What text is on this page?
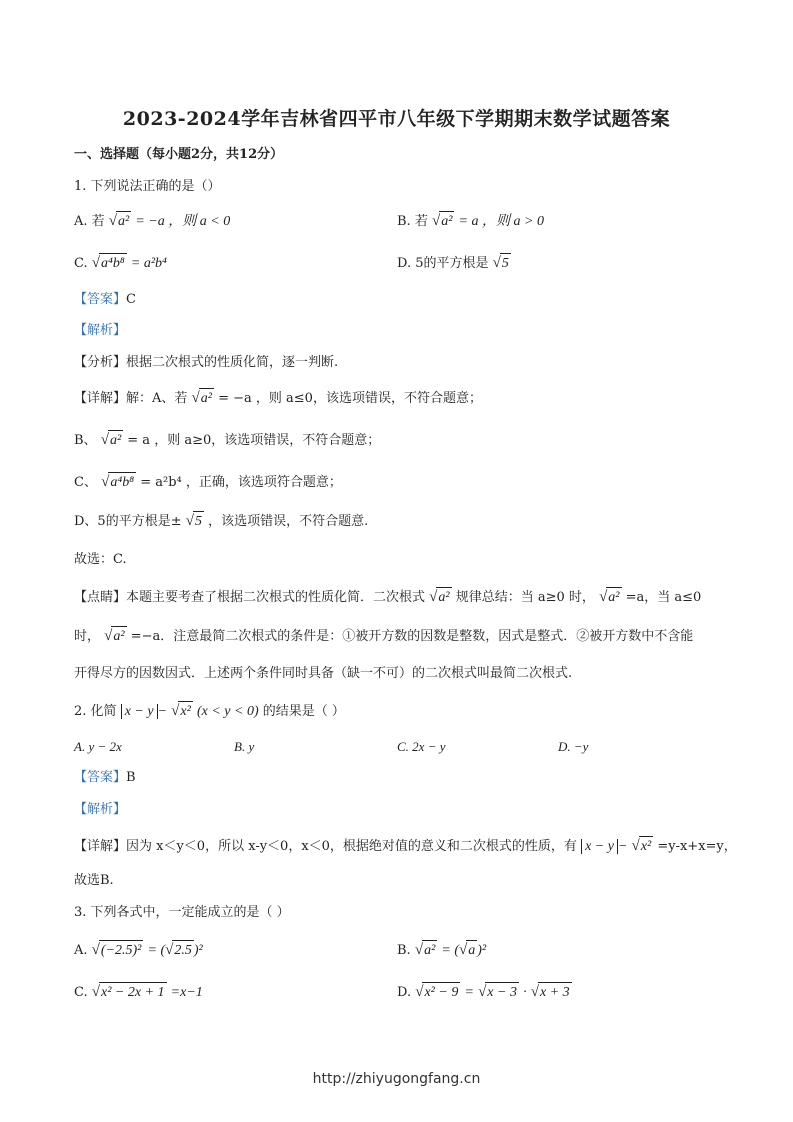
2023-2024学年吉林省四平市八年级下学期期末数学试题答案
一、选择题（每小题2分，共12分）
1. 下列说法正确的是（）
A. 若 √a² = −a ，则 a < 0	B. 若 √a² = a ，则 a > 0
C. √a⁴b⁸ = a²b⁴	D. 5的平方根是 √5
【答案】C
【解析】
【分析】根据二次根式的性质化简，逐一判断.
【详解】解：A、若 √a² = −a ，则 a≤0，该选项错误，不符合题意；
B、 √a² = a ，则 a≥0，该选项错误，不符合题意；
C、 √a⁴b⁸ = a²b⁴ ，正确，该选项符合题意；
D、5的平方根是± √5 ，该选项错误，不符合题意.
故选：C.
【点睛】本题主要考查了根据二次根式的性质化简．二次根式 √a² 规律总结：当 a≥0 时， √a² =a，当 a≤0
时， √a² =−a．注意最简二次根式的条件是：①被开方数的因数是整数，因式是整式．②被开方数中不含能
开得尽方的因数因式．上述两个条件同时具备（缺一不可）的二次根式叫最简二次根式.
2. 化简 x − y − √x² (x < y < 0) 的结果是（ ）
A. y − 2x	B. y	C. 2x − y	D. −y
【答案】B
【解析】
【详解】因为 x＜y＜0，所以 x-y＜0，x＜0，根据绝对值的意义和二次根式的性质，有 x − y − √x² =y-x+x=y，
故选B.
3. 下列各式中，一定能成立的是（ ）
A. √(−2.5)² = (√2.5 )²	B. √a² = (√a )²
C. √x² − 2x + 1 =x−1	D. √x² − 9 = √x − 3 · √x + 3
http://zhiyugongfang.cn
